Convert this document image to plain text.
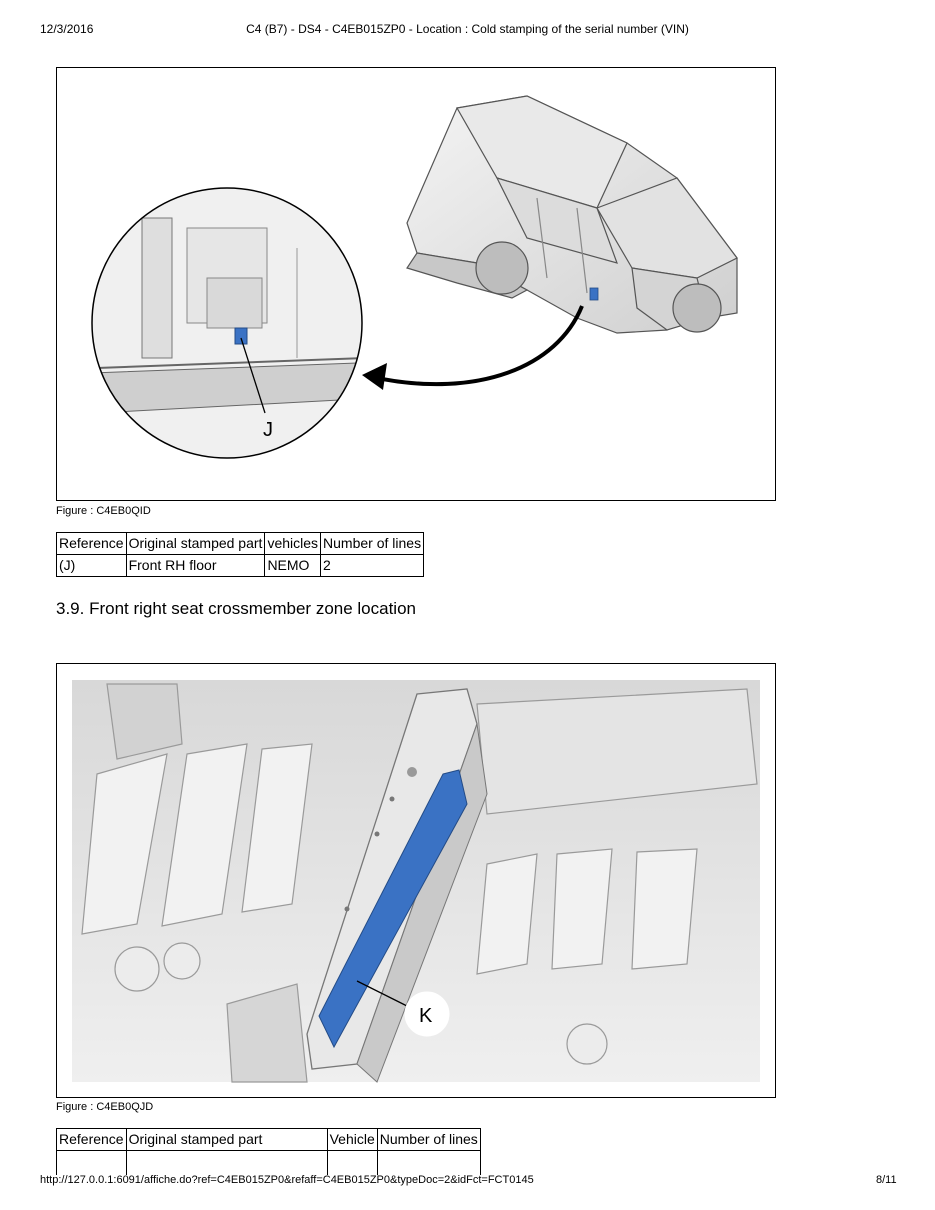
12/3/2016	C4 (B7) - DS4 - C4EB015ZP0 - Location : Cold stamping of the serial number (VIN)
J
Figure : C4EB0QID
Reference	Original stamped part	vehicles	Number of lines
(J)	Front RH floor	NEMO	2
3.9. Front right seat crossmember zone location
K
Figure : C4EB0QJD
Reference	Original stamped part	Vehicle	Number of lines

http://127.0.0.1:6091/affiche.do?ref=C4EB015ZP0&refaff=C4EB015ZP0&typeDoc=2&idFct=FCT0145	8/11
